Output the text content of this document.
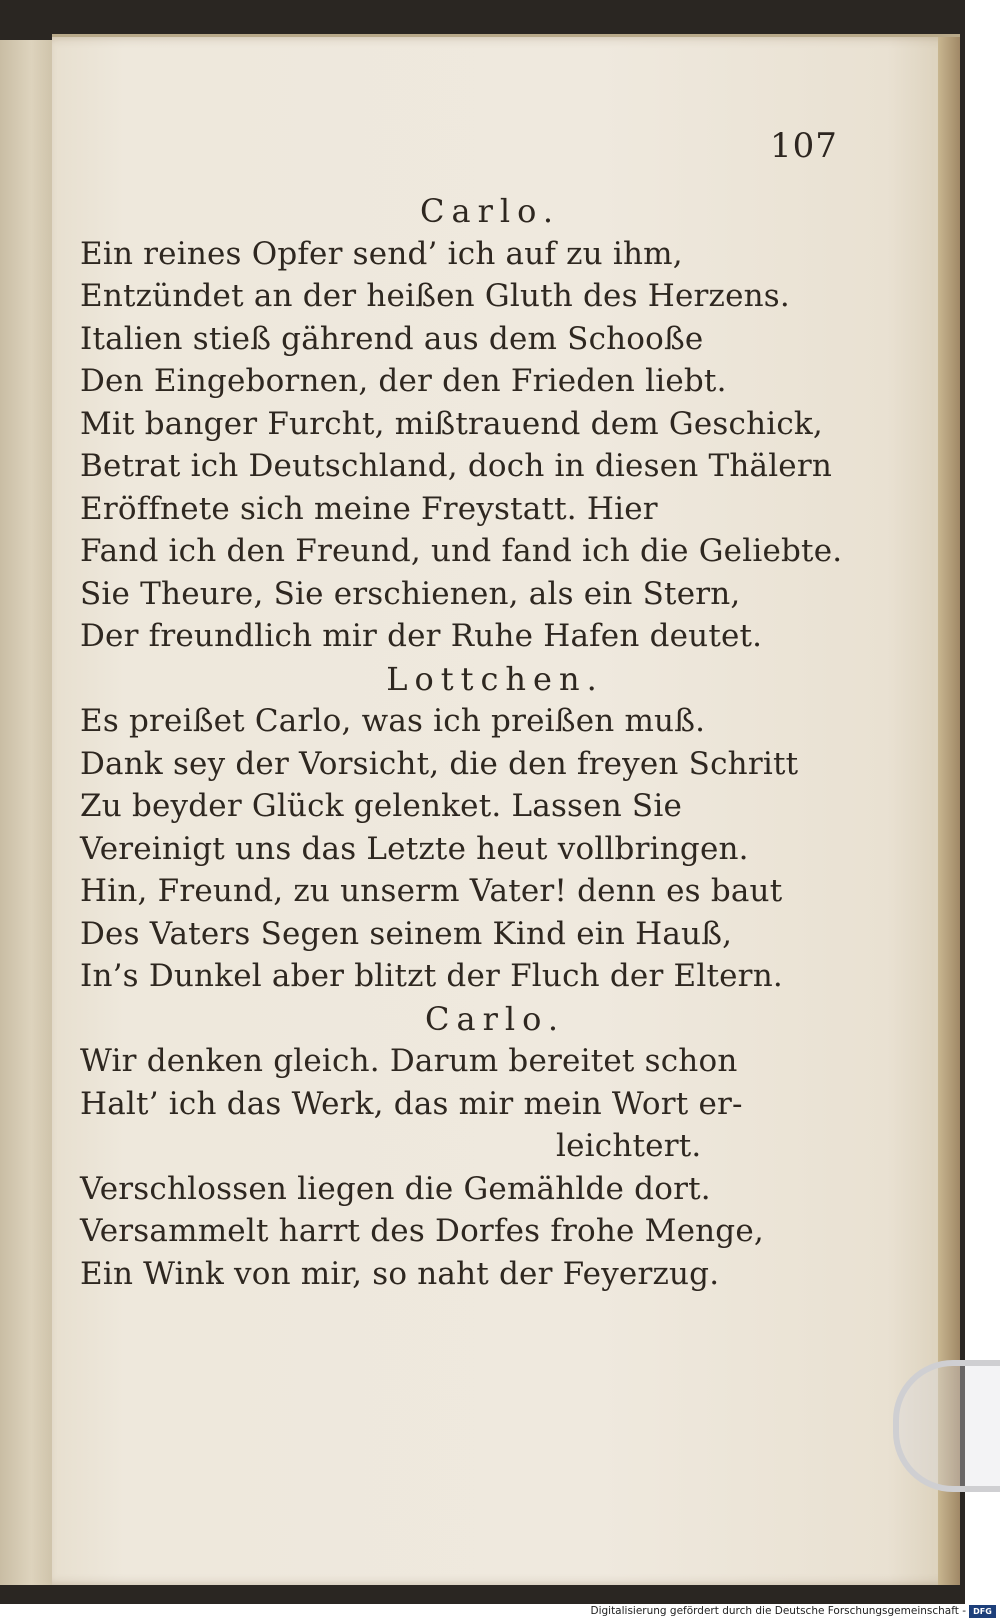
107
Carlo.
Ein reines Opfer send’ ich auf zu ihm,
Entzündet an der heißen Gluth des Herzens.
Italien stieß gährend aus dem Schooße
Den Eingebornen, der den Frieden liebt.
Mit banger Furcht, mißtrauend dem Geschick,
Betrat ich Deutschland, doch in diesen Thälern
Eröffnete sich meine Freystatt. Hier
Fand ich den Freund, und fand ich die Geliebte.
Sie Theure, Sie erschienen, als ein Stern,
Der freundlich mir der Ruhe Hafen deutet.
Lottchen.
Es preißet Carlo, was ich preißen muß.
Dank sey der Vorsicht, die den freyen Schritt
Zu beyder Glück gelenket. Lassen Sie
Vereinigt uns das Letzte heut vollbringen.
Hin, Freund, zu unserm Vater! denn es baut
Des Vaters Segen seinem Kind ein Hauß,
In’s Dunkel aber blitzt der Fluch der Eltern.
Carlo.
Wir denken gleich. Darum bereitet schon
Halt’ ich das Werk, das mir mein Wort er-
leichtert.
Verschlossen liegen die Gemählde dort.
Versammelt harrt des Dorfes frohe Menge,
Ein Wink von mir, so naht der Feyerzug.
Digitalisierung gefördert durch die Deutsche Forschungsgemeinschaft - DFG
